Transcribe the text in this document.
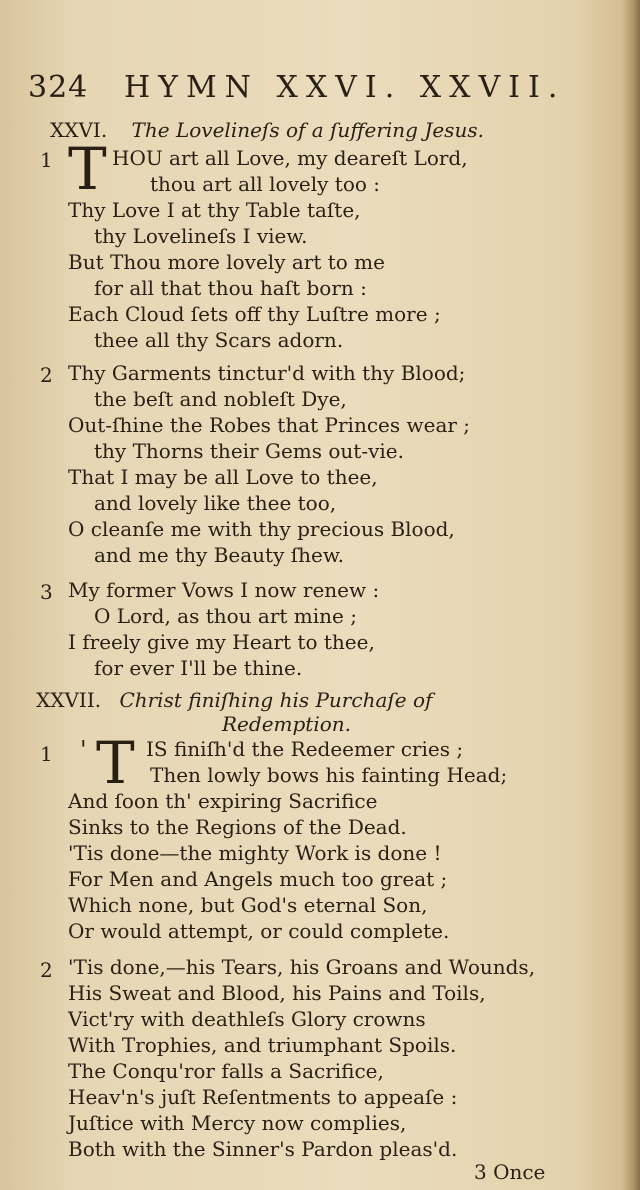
324 HYMN XXVI. XXVII.
XXVI. The Lovelineſs of a ſuffering Jesus.
1 T HOU art all Love, my deareſt Lord,
thou art all lovely too :
Thy Love I at thy Table taſte,
thy Lovelineſs I view.
But Thou more lovely art to me
for all that thou haſt born :
Each Cloud ſets off thy Luſtre more ;
thee all thy Scars adorn.
2 Thy Garments tinctur'd with thy Blood;
the beſt and nobleſt Dye,
Out-ſhine the Robes that Princes wear ;
thy Thorns their Gems out-vie.
That I may be all Love to thee,
and lovely like thee too,
O cleanſe me with thy precious Blood,
and me thy Beauty ſhew.
3 My former Vows I now renew :
O Lord, as thou art mine ;
I freely give my Heart to thee,
for ever I'll be thine.
XXVII. Christ finiſhing his Purchaſe of
Redemption.
1 ' T IS finiſh'd the Redeemer cries ;
Then lowly bows his fainting Head;
And ſoon th' expiring Sacrifice
Sinks to the Regions of the Dead.
'Tis done—the mighty Work is done !
For Men and Angels much too great ;
Which none, but God's eternal Son,
Or would attempt, or could complete.
2 'Tis done,—his Tears, his Groans and Wounds,
His Sweat and Blood, his Pains and Toils,
Vict'ry with deathleſs Glory crowns
With Trophies, and triumphant Spoils.
The Conqu'ror falls a Sacrifice,
Heav'n's juſt Reſentments to appeaſe :
Juſtice with Mercy now complies,
Both with the Sinner's Pardon pleas'd.
3 Once
